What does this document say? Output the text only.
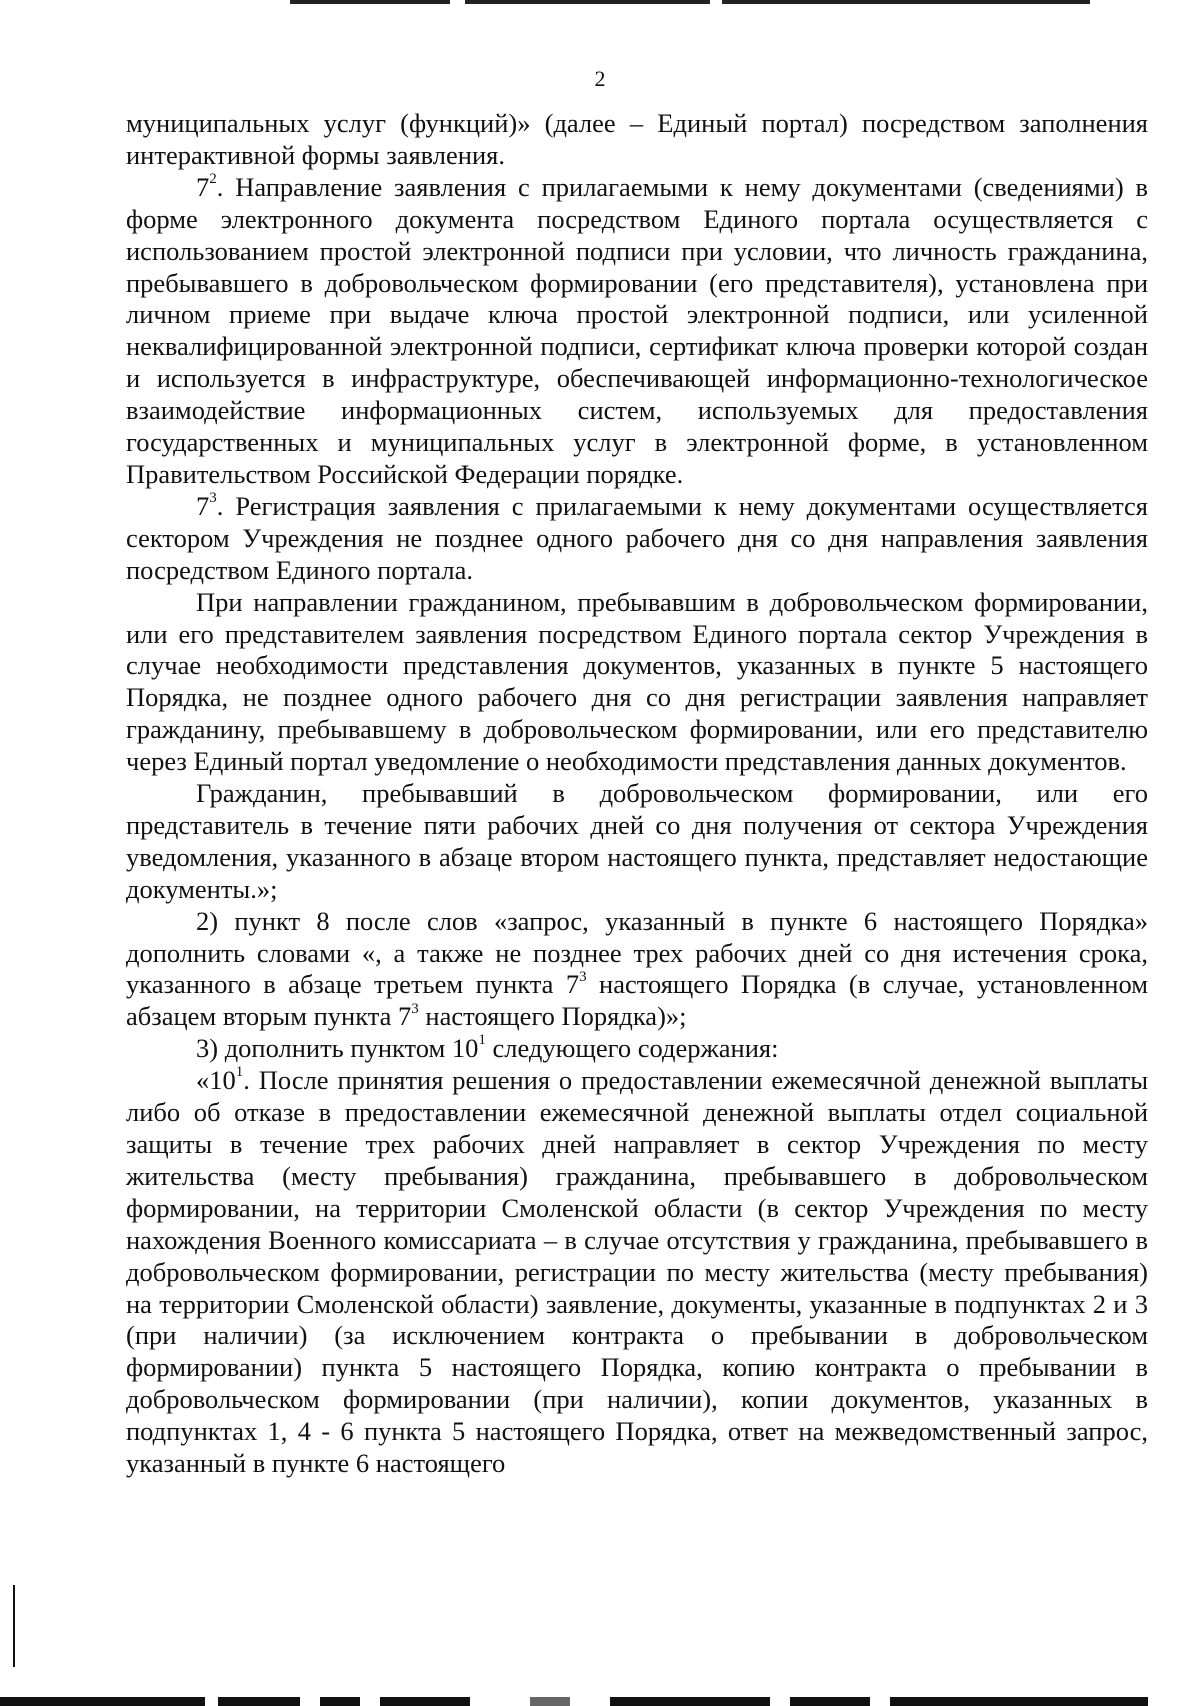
2

муниципальных услуг (функций)» (далее – Единый портал) посредством заполнения интерактивной формы заявления.

$7^2$. Направление заявления с прилагаемыми к нему документами (сведениями) в форме электронного документа посредством Единого портала осуществляется с использованием простой электронной подписи при условии, что личность гражданина, пребывавшего в добровольческом формировании (его представителя), установлена при личном приеме при выдаче ключа простой электронной подписи, или усиленной неквалифицированной электронной подписи, сертификат ключа проверки которой создан и используется в инфраструктуре, обеспечивающей информационно-технологическое взаимодействие информационных систем, используемых для предоставления государственных и муниципальных услуг в электронной форме, в установленном Правительством Российской Федерации порядке.

$7^3$. Регистрация заявления с прилагаемыми к нему документами осуществляется сектором Учреждения не позднее одного рабочего дня со дня направления заявления посредством Единого портала.

При направлении гражданином, пребывавшим в добровольческом формировании, или его представителем заявления посредством Единого портала сектор Учреждения в случае необходимости представления документов, указанных в пункте 5 настоящего Порядка, не позднее одного рабочего дня со дня регистрации заявления направляет гражданину, пребывавшему в добровольческом формировании, или его представителю через Единый портал уведомление о необходимости представления данных документов.

Гражданин, пребывавший в добровольческом формировании, или его представитель в течение пяти рабочих дней со дня получения от сектора Учреждения уведомления, указанного в абзаце втором настоящего пункта, представляет недостающие документы.»;

2) пункт 8 после слов «запрос, указанный в пункте 6 настоящего Порядка» дополнить словами «, а также не позднее трех рабочих дней со дня истечения срока, указанного в абзаце третьем пункта $7^3$ настоящего Порядка (в случае, установленном абзацем вторым пункта $7^3$ настоящего Порядка)»;

3) дополнить пунктом $10^1$ следующего содержания:

«$10^1$. После принятия решения о предоставлении ежемесячной денежной выплаты либо об отказе в предоставлении ежемесячной денежной выплаты отдел социальной защиты в течение трех рабочих дней направляет в сектор Учреждения по месту жительства (месту пребывания) гражданина, пребывавшего в добровольческом формировании, на территории Смоленской области (в сектор Учреждения по месту нахождения Военного комиссариата – в случае отсутствия у гражданина, пребывавшего в добровольческом формировании, регистрации по месту жительства (месту пребывания) на территории Смоленской области) заявление, документы, указанные в подпунктах 2 и 3 (при наличии) (за исключением контракта о пребывании в добровольческом формировании) пункта 5 настоящего Порядка, копию контракта о пребывании в добровольческом формировании (при наличии), копии документов, указанных в подпунктах 1, 4 - 6 пункта 5 настоящего Порядка, ответ на межведомственный запрос, указанный в пункте 6 настоящего
